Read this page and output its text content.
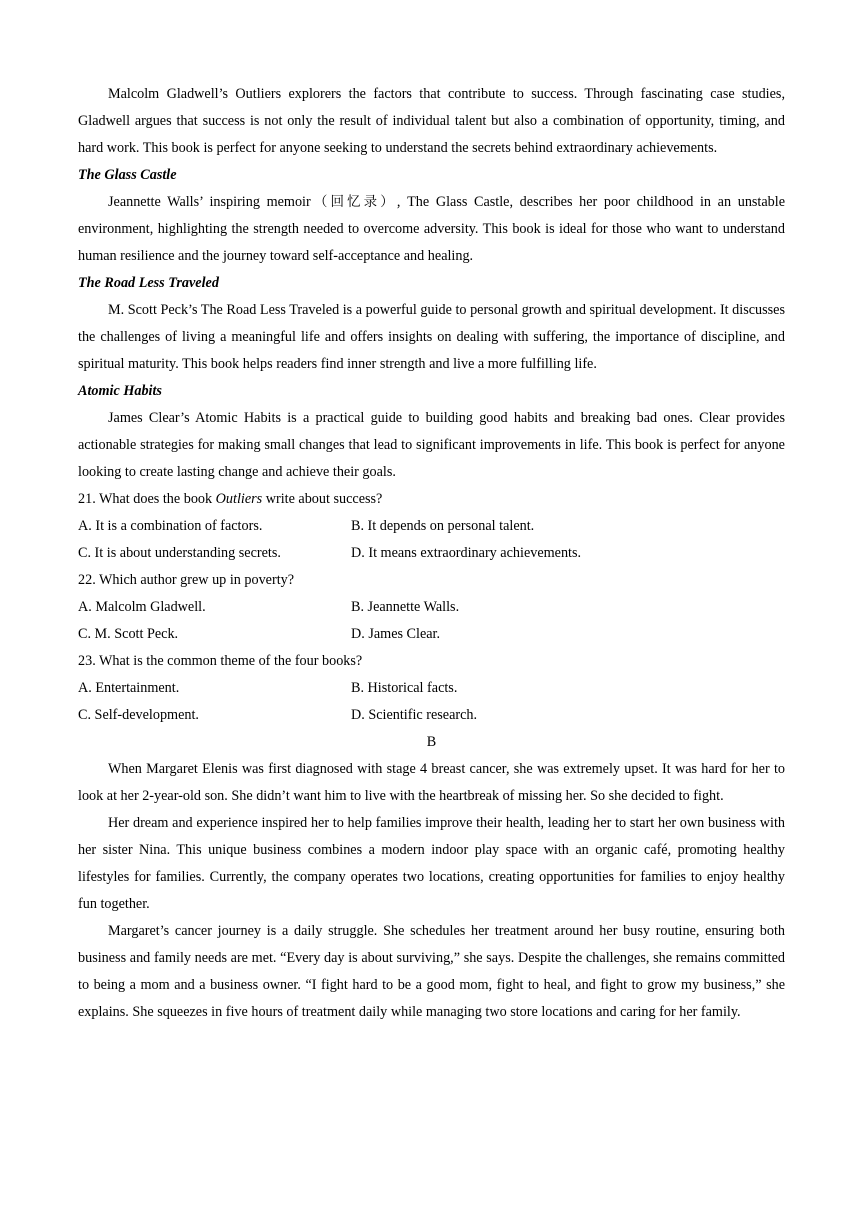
Malcolm Gladwell’s Outliers explorers the factors that contribute to success. Through fascinating case studies, Gladwell argues that success is not only the result of individual talent but also a combination of opportunity, timing, and hard work. This book is perfect for anyone seeking to understand the secrets behind extraordinary achievements.

The Glass Castle

Jeannette Walls’ inspiring memoir（回忆录）, The Glass Castle, describes her poor childhood in an unstable environment, highlighting the strength needed to overcome adversity. This book is ideal for those who want to understand human resilience and the journey toward self-acceptance and healing.

The Road Less Traveled

M. Scott Peck’s The Road Less Traveled is a powerful guide to personal growth and spiritual development. It discusses the challenges of living a meaningful life and offers insights on dealing with suffering, the importance of discipline, and spiritual maturity. This book helps readers find inner strength and live a more fulfilling life.

Atomic Habits

James Clear’s Atomic Habits is a practical guide to building good habits and breaking bad ones. Clear provides actionable strategies for making small changes that lead to significant improvements in life. This book is perfect for anyone looking to create lasting change and achieve their goals.

21. What does the book Outliers write about success?

A. It is a combination of factors.	B. It depends on personal talent.
C. It is about understanding secrets.	D. It means extraordinary achievements.

22. Which author grew up in poverty?

A. Malcolm Gladwell.	B. Jeannette Walls.
C. M. Scott Peck.	D. James Clear.

23. What is the common theme of the four books?

A. Entertainment.	B. Historical facts.
C. Self-development.	D. Scientific research.

B

When Margaret Elenis was first diagnosed with stage 4 breast cancer, she was extremely upset. It was hard for her to look at her 2-year-old son. She didn’t want him to live with the heartbreak of missing her. So she decided to fight.

Her dream and experience inspired her to help families improve their health, leading her to start her own business with her sister Nina. This unique business combines a modern indoor play space with an organic café, promoting healthy lifestyles for families. Currently, the company operates two locations, creating opportunities for families to enjoy healthy fun together.

Margaret’s cancer journey is a daily struggle. She schedules her treatment around her busy routine, ensuring both business and family needs are met. “Every day is about surviving,” she says. Despite the challenges, she remains committed to being a mom and a business owner. “I fight hard to be a good mom, fight to heal, and fight to grow my business,” she explains. She squeezes in five hours of treatment daily while managing two store locations and caring for her family.
